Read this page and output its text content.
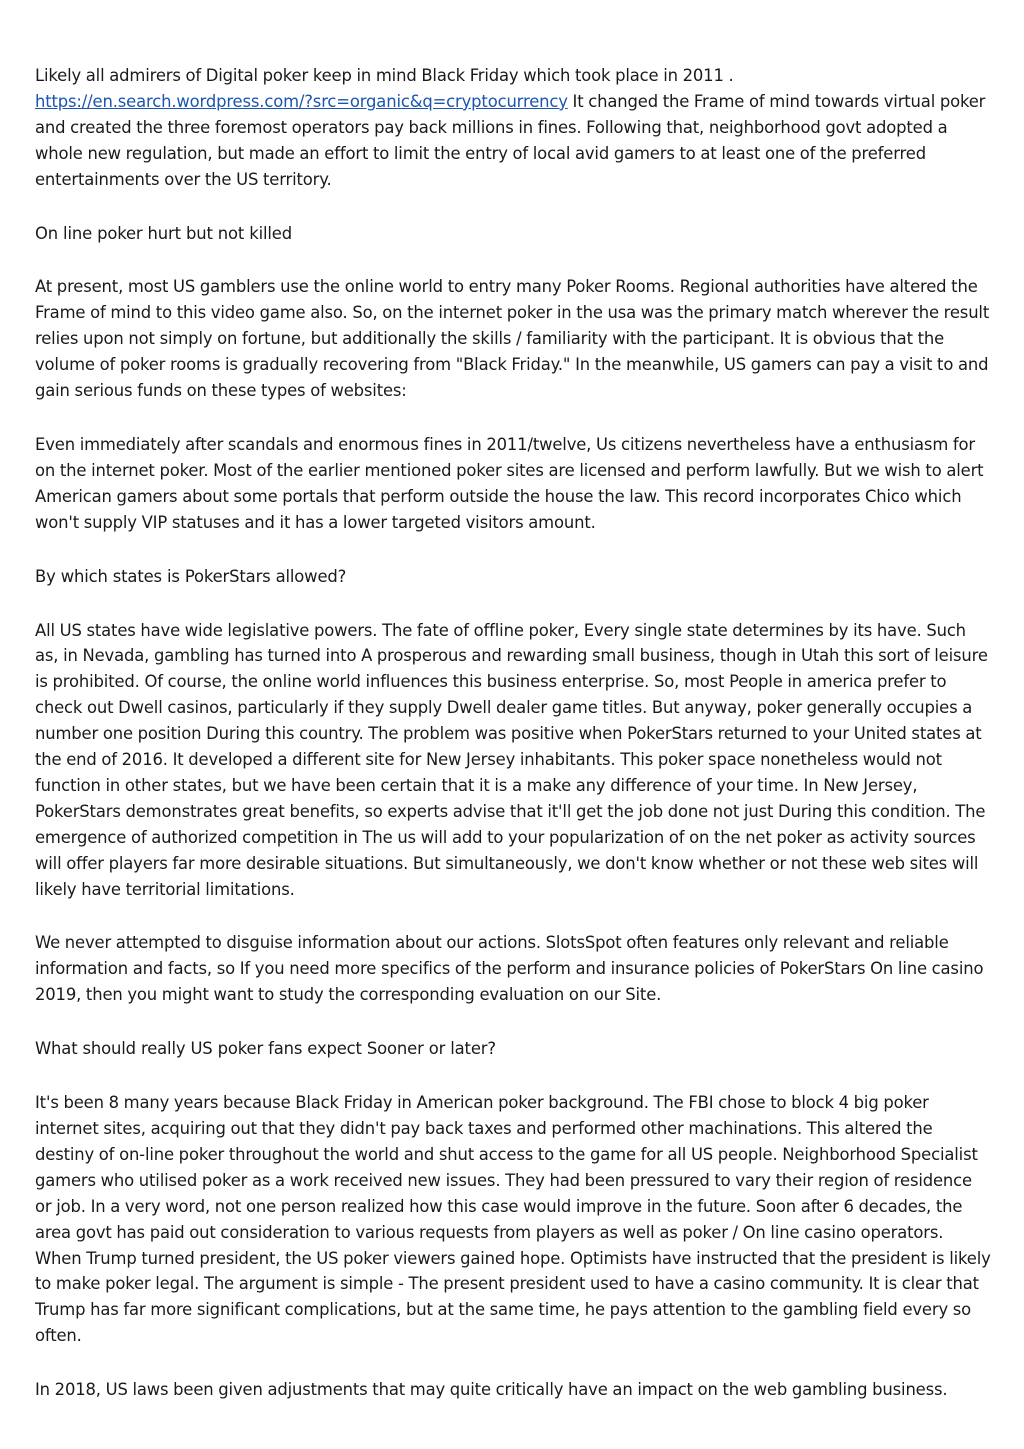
Likely all admirers of Digital poker keep in mind Black Friday which took place in 2011 . https://en.search.wordpress.com/?src=organic&q=cryptocurrency It changed the Frame of mind towards virtual poker and created the three foremost operators pay back millions in fines. Following that, neighborhood govt adopted a whole new regulation, but made an effort to limit the entry of local avid gamers to at least one of the preferred entertainments over the US territory.

On line poker hurt but not killed

At present, most US gamblers use the online world to entry many Poker Rooms. Regional authorities have altered the Frame of mind to this video game also. So, on the internet poker in the usa was the primary match wherever the result relies upon not simply on fortune, but additionally the skills / familiarity with the participant. It is obvious that the volume of poker rooms is gradually recovering from "Black Friday." In the meanwhile, US gamers can pay a visit to and gain serious funds on these types of websites:

Even immediately after scandals and enormous fines in 2011/twelve, Us citizens nevertheless have a enthusiasm for on the internet poker. Most of the earlier mentioned poker sites are licensed and perform lawfully. But we wish to alert American gamers about some portals that perform outside the house the law. This record incorporates Chico which won't supply VIP statuses and it has a lower targeted visitors amount.

By which states is PokerStars allowed?

All US states have wide legislative powers. The fate of offline poker, Every single state determines by its have. Such as, in Nevada, gambling has turned into A prosperous and rewarding small business, though in Utah this sort of leisure is prohibited. Of course, the online world influences this business enterprise. So, most People in america prefer to check out Dwell casinos, particularly if they supply Dwell dealer game titles. But anyway, poker generally occupies a number one position During this country. The problem was positive when PokerStars returned to your United states at the end of 2016. It developed a different site for New Jersey inhabitants. This poker space nonetheless would not function in other states, but we have been certain that it is a make any difference of your time. In New Jersey, PokerStars demonstrates great benefits, so experts advise that it'll get the job done not just During this condition. The emergence of authorized competition in The us will add to your popularization of on the net poker as activity sources will offer players far more desirable situations. But simultaneously, we don't know whether or not these web sites will likely have territorial limitations.

We never attempted to disguise information about our actions. SlotsSpot often features only relevant and reliable information and facts, so If you need more specifics of the perform and insurance policies of PokerStars On line casino 2019, then you might want to study the corresponding evaluation on our Site.

What should really US poker fans expect Sooner or later?

It's been 8 many years because Black Friday in American poker background. The FBI chose to block 4 big poker internet sites, acquiring out that they didn't pay back taxes and performed other machinations. This altered the destiny of on-line poker throughout the world and shut access to the game for all US people. Neighborhood Specialist gamers who utilised poker as a work received new issues. They had been pressured to vary their region of residence or job. In a very word, not one person realized how this case would improve in the future. Soon after 6 decades, the area govt has paid out consideration to various requests from players as well as poker / On line casino operators. When Trump turned president, the US poker viewers gained hope. Optimists have instructed that the president is likely to make poker legal. The argument is simple - The present president used to have a casino community. It is clear that Trump has far more significant complications, but at the same time, he pays attention to the gambling field every so often.

In 2018, US laws been given adjustments that may quite critically have an impact on the web gambling business.
